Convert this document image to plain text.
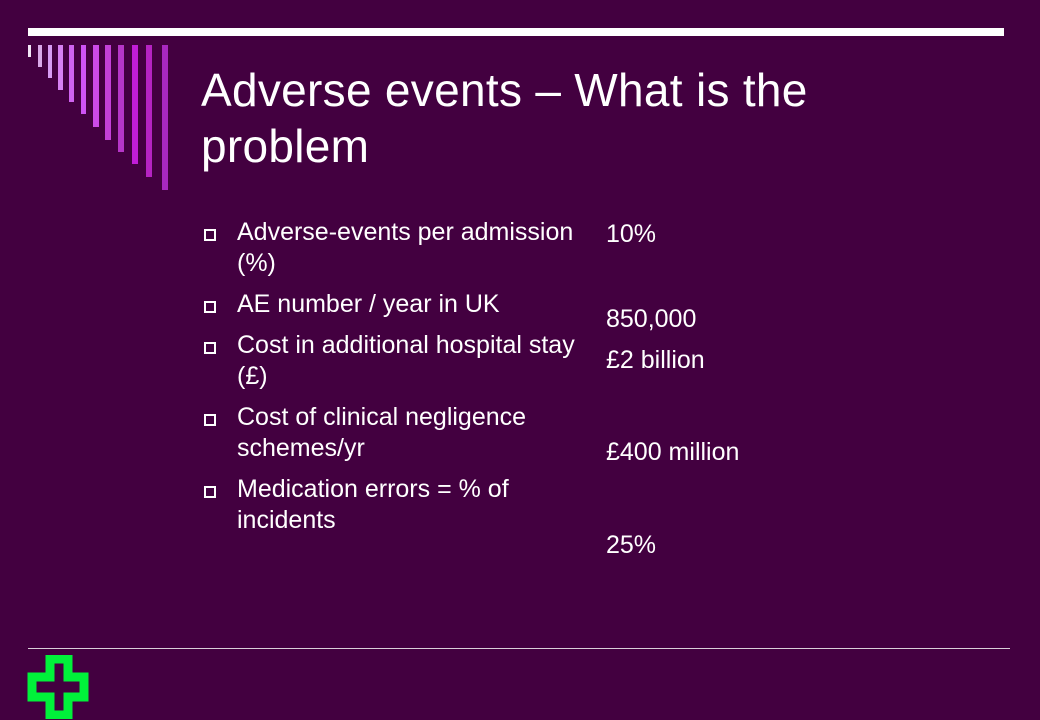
Adverse events – What is the problem
Adverse-events per admission (%)
AE number / year in UK
Cost in additional hospital stay (£)
Cost of clinical negligence schemes/yr
Medication errors = % of incidents
10%
850,000
£2 billion
£400 million
25%
